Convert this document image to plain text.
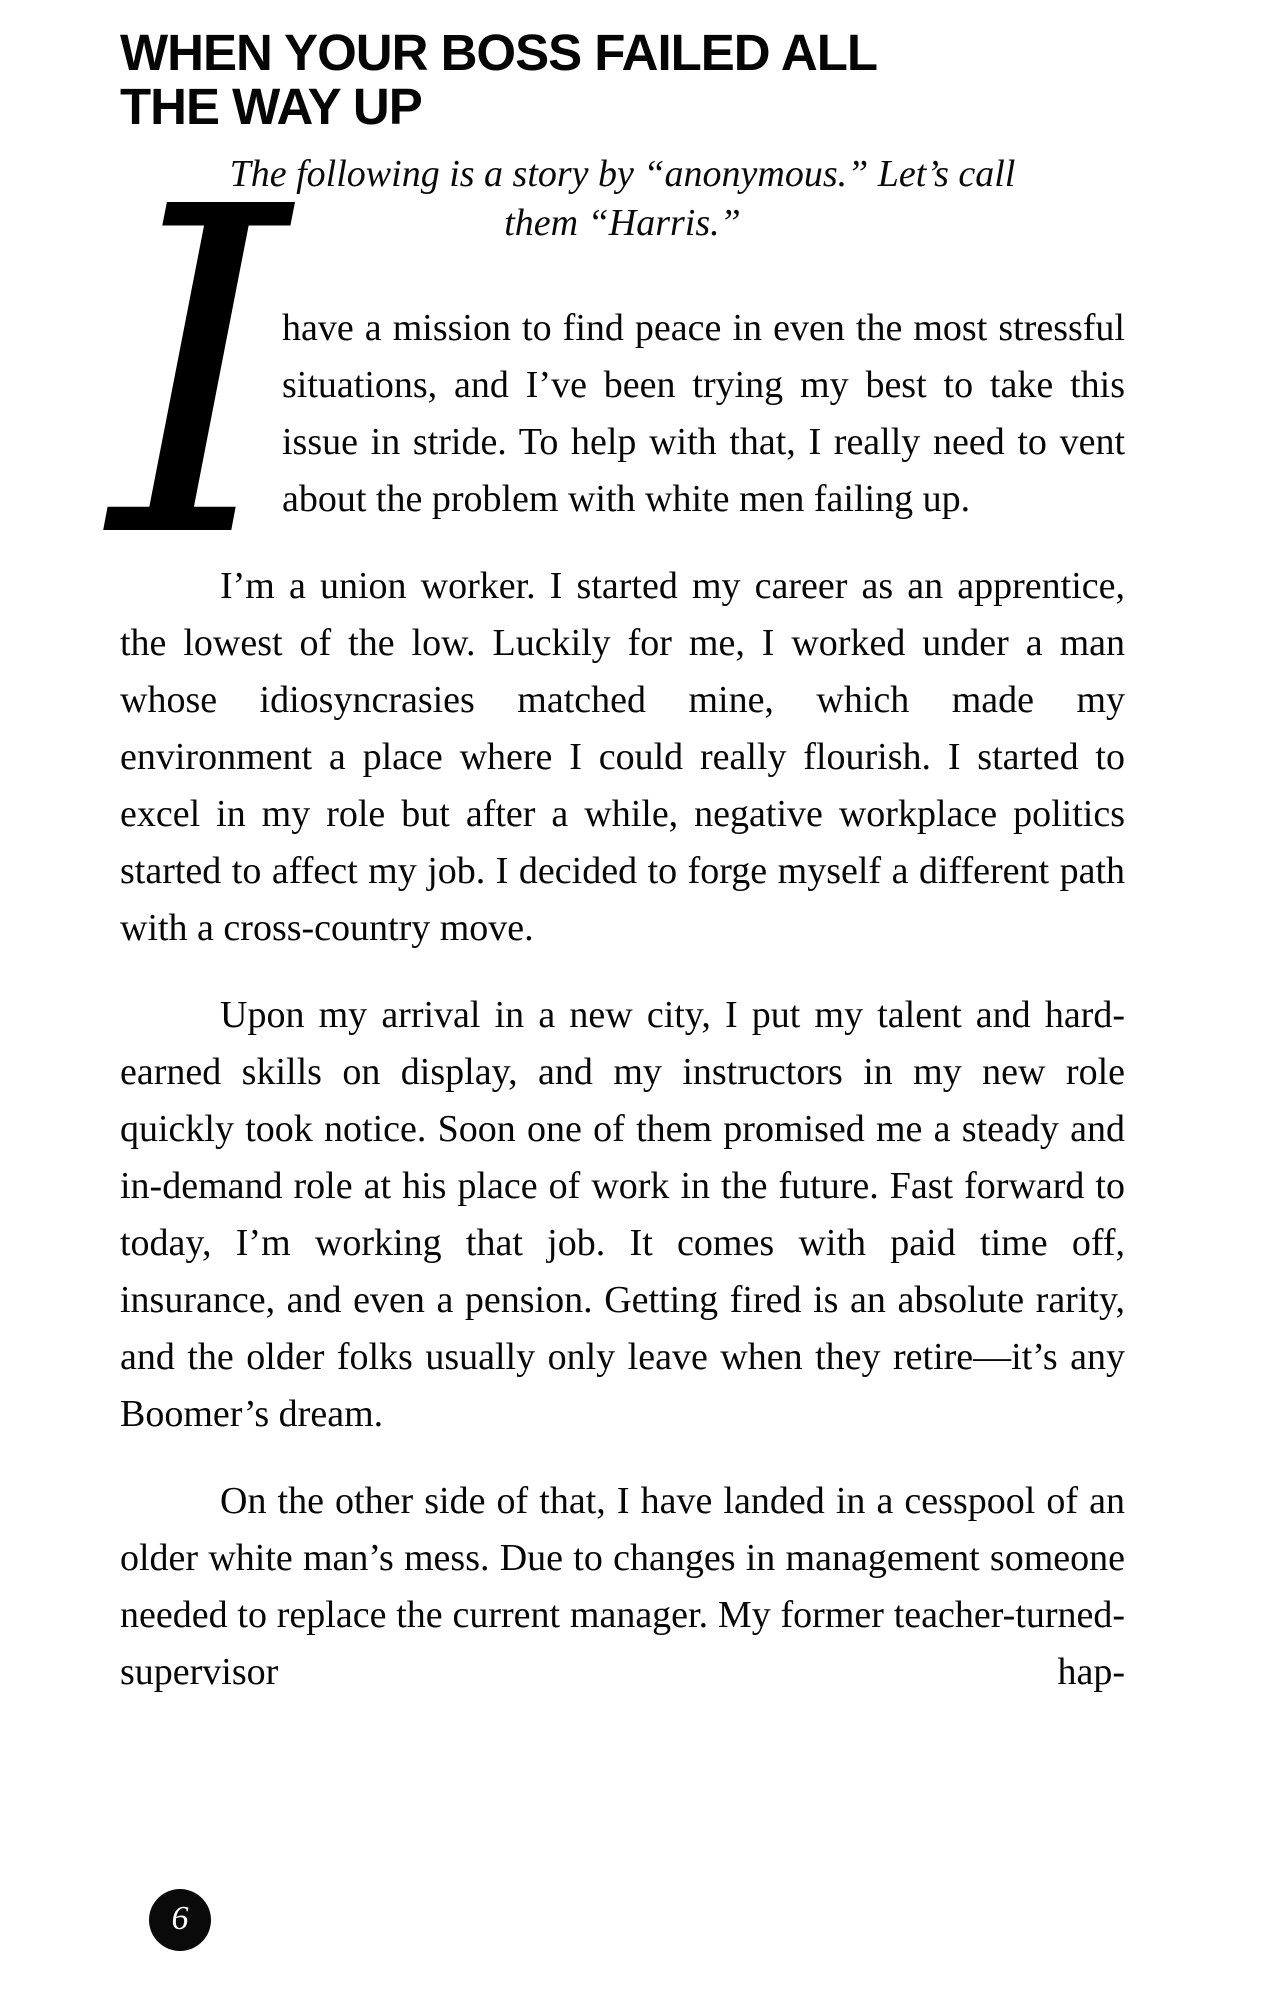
WHEN YOUR BOSS FAILED ALL
THE WAY UP
The following is a story by “anonymous.” Let’s call
them “Harris.”

I
have a mission to find peace in even the most stressful situations, and I’ve been trying my best to take this issue in stride. To help with that, I really need to vent about the problem with white men failing up.

I’m a union worker. I started my career as an apprentice, the lowest of the low. Luckily for me, I worked under a man whose idiosyncrasies matched mine, which made my environment a place where I could really flourish. I started to excel in my role but after a while, negative workplace politics started to affect my job. I decided to forge myself a different path with a cross-country move.

Upon my arrival in a new city, I put my talent and hard-earned skills on display, and my instructors in my new role quickly took notice. Soon one of them promised me a steady and in-demand role at his place of work in the future. Fast forward to today, I’m working that job. It comes with paid time off, insurance, and even a pension. Getting fired is an absolute rarity, and the older folks usually only leave when they retire—it’s any Boomer’s dream.

On the other side of that, I have landed in a cesspool of an older white man’s mess. Due to changes in management someone needed to replace the current manager. My former teacher-turned-supervisor hap-

6
